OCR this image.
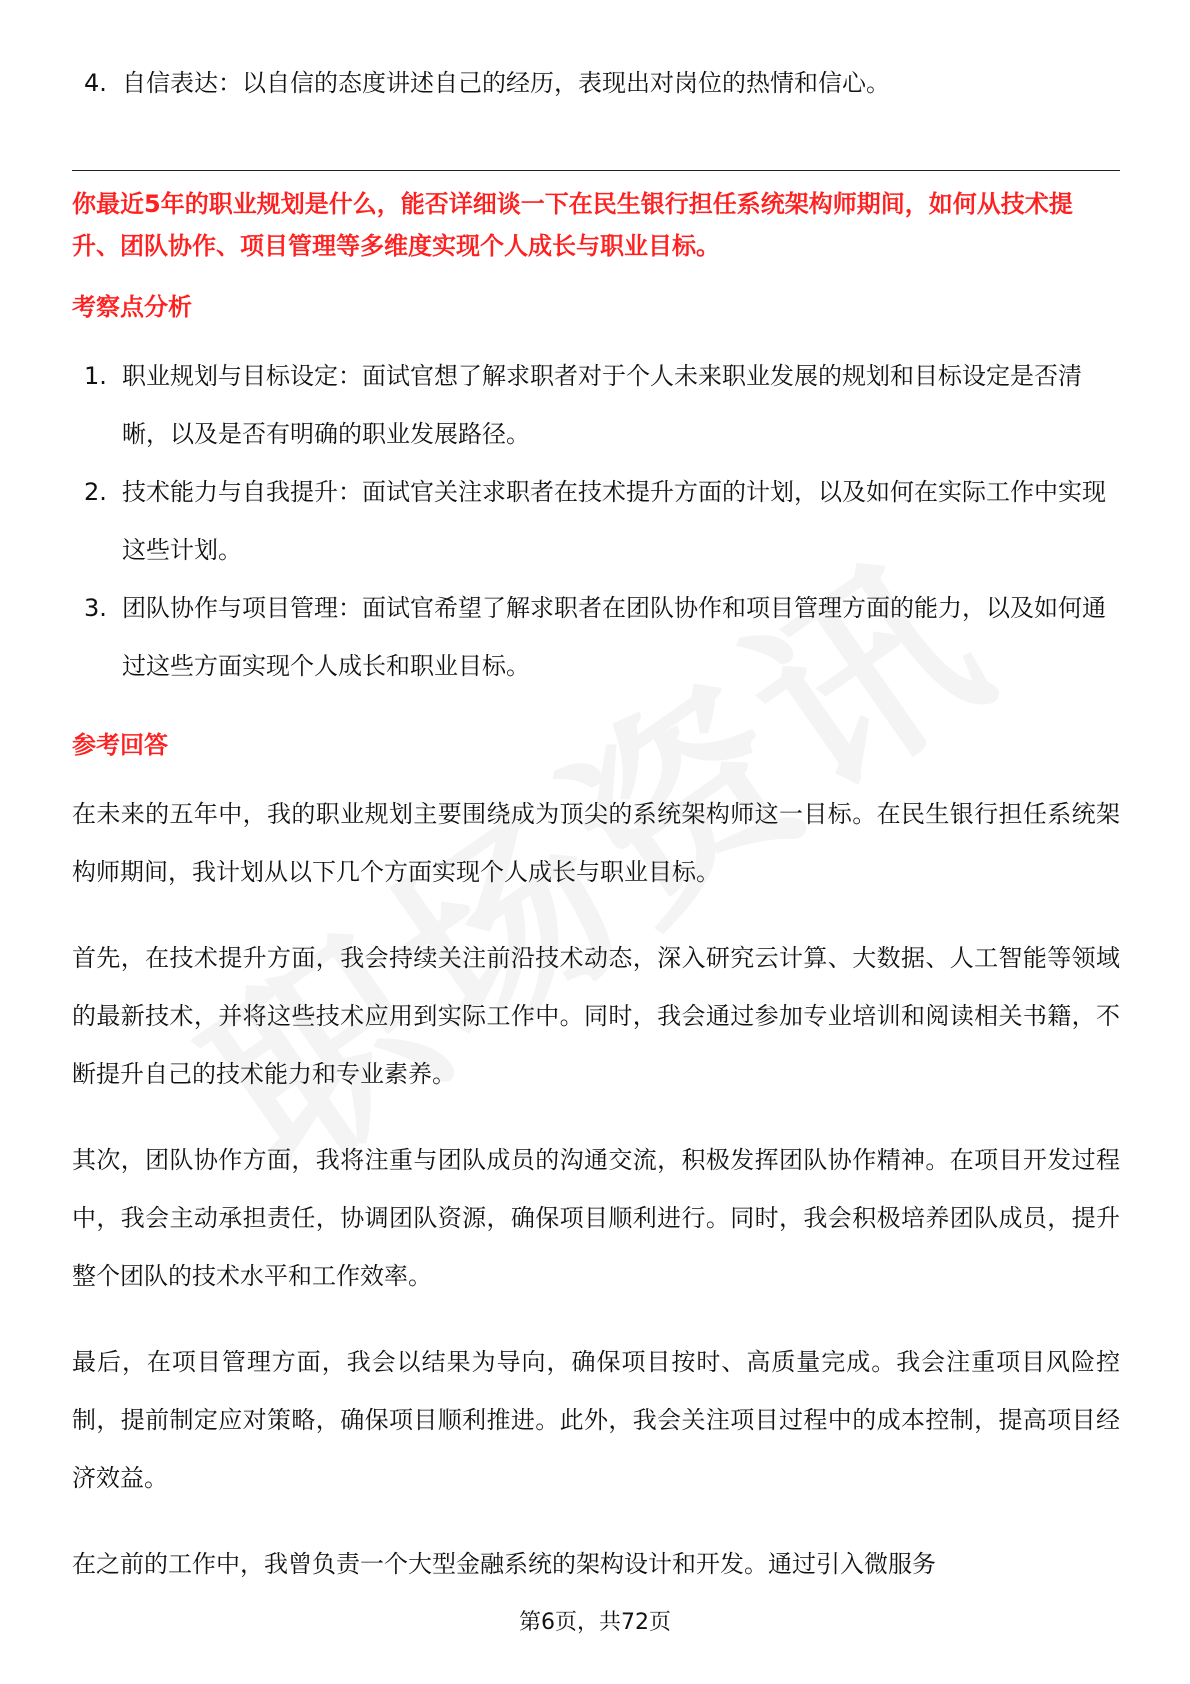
4. 自信表达：以自信的态度讲述自己的经历，表现出对岗位的热情和信心。
你最近5年的职业规划是什么，能否详细谈一下在民生银行担任系统架构师期间，如何从技术提升、团队协作、项目管理等多维度实现个人成长与职业目标。
考察点分析
1. 职业规划与目标设定：面试官想了解求职者对于个人未来职业发展的规划和目标设定是否清晰，以及是否有明确的职业发展路径。
2. 技术能力与自我提升：面试官关注求职者在技术提升方面的计划，以及如何在实际工作中实现这些计划。
3. 团队协作与项目管理：面试官希望了解求职者在团队协作和项目管理方面的能力，以及如何通过这些方面实现个人成长和职业目标。
参考回答

在未来的五年中，我的职业规划主要围绕成为顶尖的系统架构师这一目标。在民生银行担任系统架构师期间，我计划从以下几个方面实现个人成长与职业目标。

首先，在技术提升方面，我会持续关注前沿技术动态，深入研究云计算、大数据、人工智能等领域的最新技术，并将这些技术应用到实际工作中。同时，我会通过参加专业培训和阅读相关书籍，不断提升自己的技术能力和专业素养。

其次，团队协作方面，我将注重与团队成员的沟通交流，积极发挥团队协作精神。在项目开发过程中，我会主动承担责任，协调团队资源，确保项目顺利进行。同时，我会积极培养团队成员，提升整个团队的技术水平和工作效率。

最后，在项目管理方面，我会以结果为导向，确保项目按时、高质量完成。我会注重项目风险控制，提前制定应对策略，确保项目顺利推进。此外，我会关注项目过程中的成本控制，提高项目经济效益。

在之前的工作中，我曾负责一个大型金融系统的架构设计和开发。通过引入微服务

第6页，共72页
